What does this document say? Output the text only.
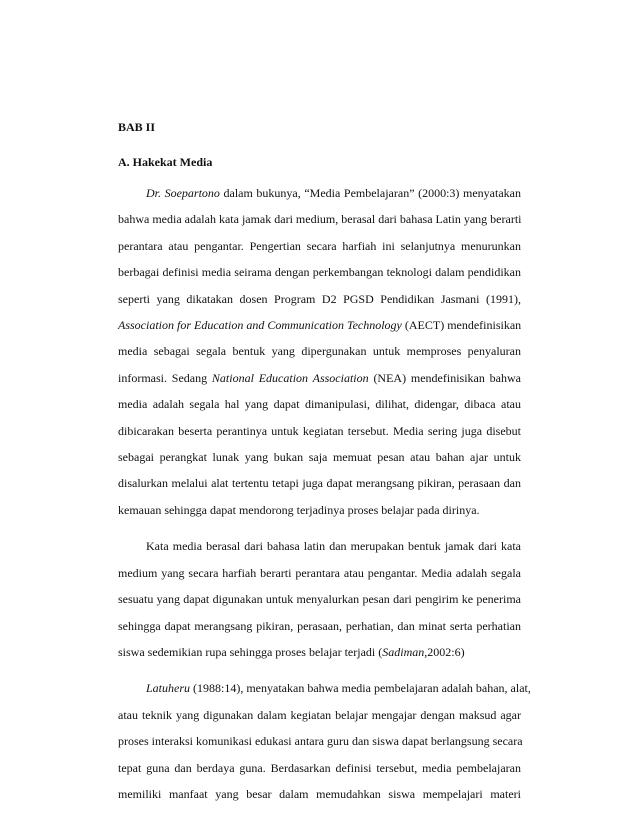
BAB II

A. Hakekat Media

Dr. Soepartono dalam bukunya, “Media Pembelajaran” (2000:3) menyatakan
bahwa media adalah kata jamak dari medium, berasal dari bahasa Latin yang berarti
perantara atau pengantar. Pengertian secara harfiah ini selanjutnya menurunkan
berbagai definisi media seirama dengan perkembangan teknologi dalam pendidikan
seperti yang dikatakan dosen Program D2 PGSD Pendidikan Jasmani (1991),
Association for Education and Communication Technology (AECT) mendefinisikan
media sebagai segala bentuk yang dipergunakan untuk memproses penyaluran
informasi. Sedang National Education Association (NEA) mendefinisikan bahwa
media adalah segala hal yang dapat dimanipulasi, dilihat, didengar, dibaca atau
dibicarakan beserta perantinya untuk kegiatan tersebut. Media sering juga disebut
sebagai perangkat lunak yang bukan saja memuat pesan atau bahan ajar untuk
disalurkan melalui alat tertentu tetapi juga dapat merangsang pikiran, perasaan dan
kemauan sehingga dapat mendorong terjadinya proses belajar pada dirinya.
Kata media berasal dari bahasa latin dan merupakan bentuk jamak dari kata
medium yang secara harfiah berarti perantara atau pengantar. Media adalah segala
sesuatu yang dapat digunakan untuk menyalurkan pesan dari pengirim ke penerima
sehingga dapat merangsang pikiran, perasaan, perhatian, dan minat serta perhatian
siswa sedemikian rupa sehingga proses belajar terjadi (Sadiman,2002:6)
Latuheru (1988:14), menyatakan bahwa media pembelajaran adalah bahan, alat,
atau teknik yang digunakan dalam kegiatan belajar mengajar dengan maksud agar
proses interaksi komunikasi edukasi antara guru dan siswa dapat berlangsung secara
tepat guna dan berdaya guna. Berdasarkan definisi tersebut, media pembelajaran
memiliki manfaat yang besar dalam memudahkan siswa mempelajari materi
